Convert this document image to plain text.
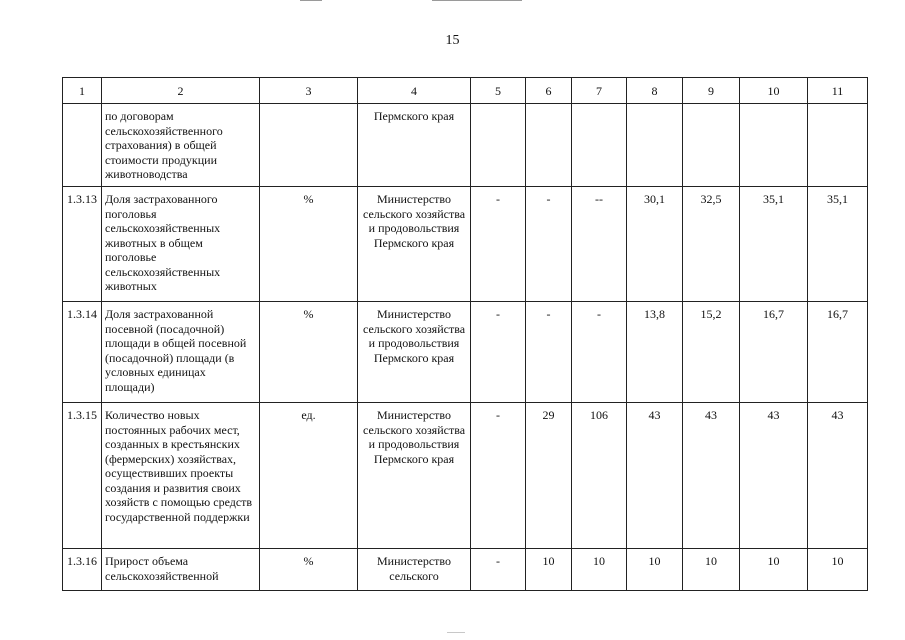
15
1	2	3	4	5	6	7	8	9	10	11
	по договорам сельскохозяйственного страхования) в общей стоимости продукции животноводства		Пермского края							
1.3.13	Доля застрахованного поголовья сельскохозяйственных животных в общем поголовье сельскохозяйственных животных	%	Министерство сельского хозяйства и продовольствия Пермского края	-	-	--	30,1	32,5	35,1	35,1
1.3.14	Доля застрахованной посевной (посадочной) площади в общей посевной (посадочной) площади (в условных единицах площади)	%	Министерство сельского хозяйства и продовольствия Пермского края	-	-	-	13,8	15,2	16,7	16,7
1.3.15	Количество новых постоянных рабочих мест, созданных в крестьянских (фермерских) хозяйствах, осуществивших проекты создания и развития своих хозяйств с помощью средств государственной поддержки	ед.	Министерство сельского хозяйства и продовольствия Пермского края	-	29	106	43	43	43	43
1.3.16	Прирост объема сельскохозяйственной	%	Министерство сельского	-	10	10	10	10	10	10
